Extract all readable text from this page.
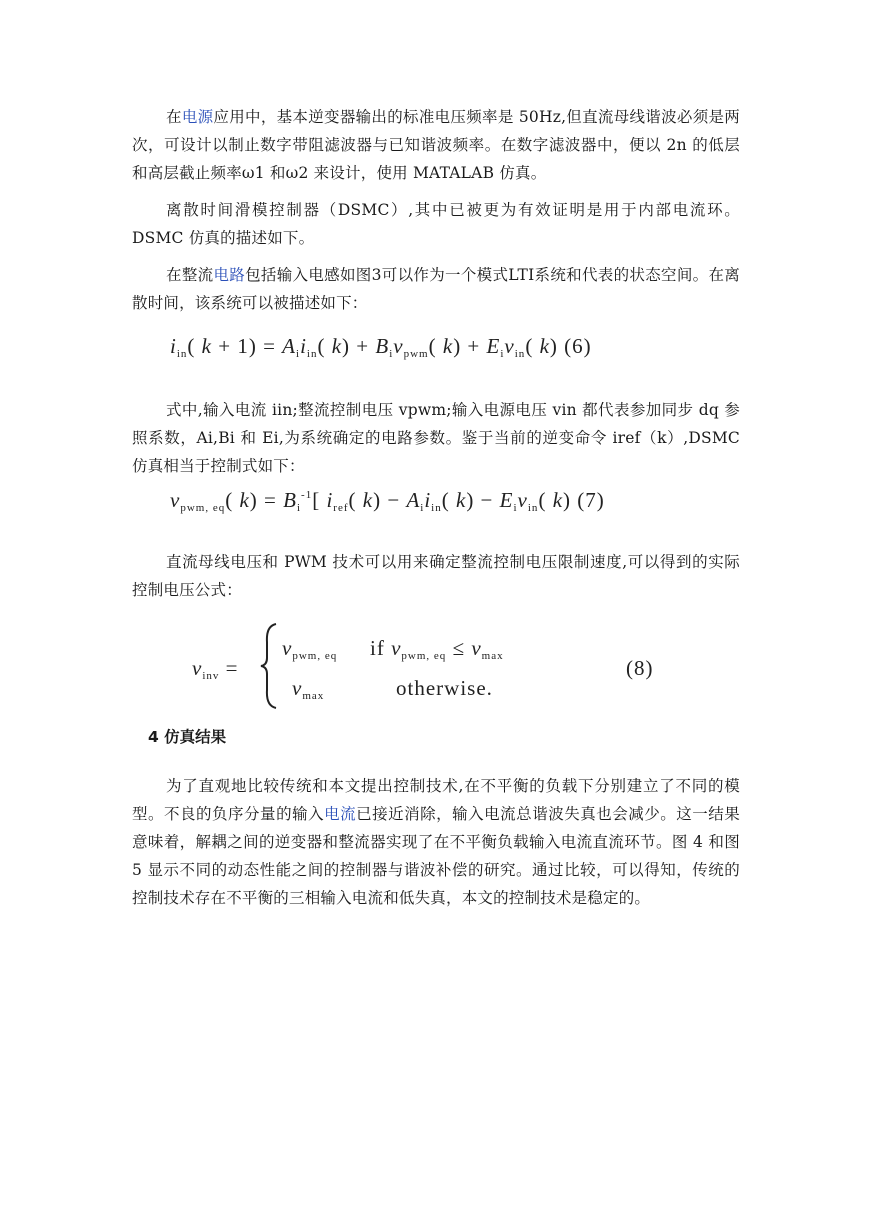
在电源应用中，基本逆变器输出的标准电压频率是 50Hz,但直流母线谐波必须是两次，可设计以制止数字带阻滤波器与已知谐波频率。在数字滤波器中，便以 2n 的低层和高层截止频率ω1 和ω2 来设计，使用 MATALAB 仿真。

离散时间滑模控制器（DSMC）,其中已被更为有效证明是用于内部电流环。DSMC 仿真的描述如下。

在整流电路包括输入电感如图3可以作为一个模式LTI系统和代表的状态空间。在离散时间，该系统可以被描述如下：

$i_{in}$( $k + 1) = A_ii_{in}$( $k) + B_iv_{pwm}$( $k) + E_iv_{in}$( k) (6)

式中,输入电流 iin;整流控制电压 vpwm;输入电源电压 vin 都代表参加同步 dq 参照系数，Ai,Bi 和 Ei,为系统确定的电路参数。鉴于当前的逆变命令 iref（k）,DSMC 仿真相当于控制式如下：

$v_{pwm, eq}$( $k) = B_i^{-1}$[ $i_{ref}$( $k) - A_ii_{in}$( $k) - E_iv_{in}$( k) (7)

直流母线电压和 PWM 技术可以用来确定整流控制电压限制速度,可以得到的实际控制电压公式：

$v_{inv}$ =
$v_{pwm, eq}$ if $v_{pwm, eq} \le v_{max}$
$v_{max}$	otherwise.
(8)
4 仿真结果

为了直观地比较传统和本文提出控制技术,在不平衡的负载下分别建立了不同的模型。不良的负序分量的输入电流已接近消除，输入电流总谐波失真也会减少。这一结果意味着，解耦之间的逆变器和整流器实现了在不平衡负载输入电流直流环节。图 4 和图 5 显示不同的动态性能之间的控制器与谐波补偿的研究。通过比较，可以得知，传统的控制技术存在不平衡的三相输入电流和低失真，本文的控制技术是稳定的。
